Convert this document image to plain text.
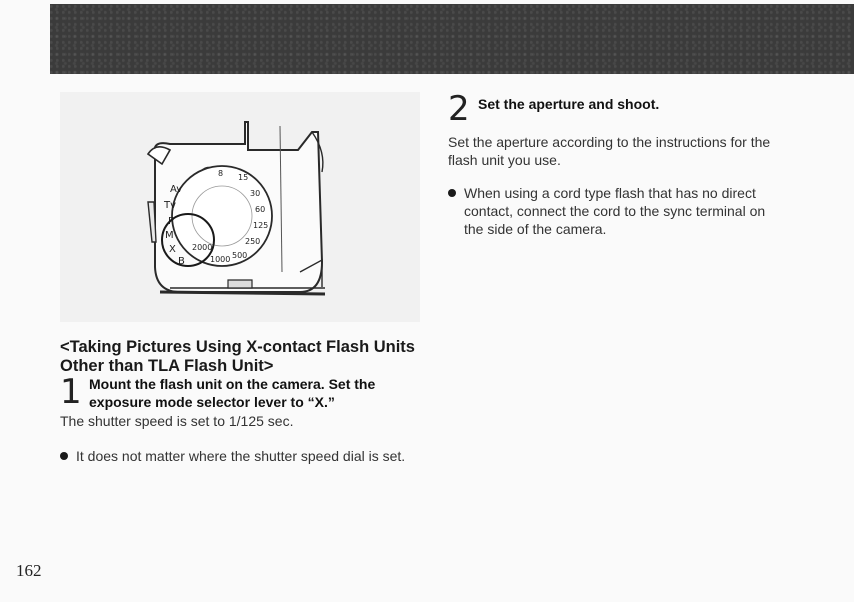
8 15
30
60
125
250
500
1000
2000
Av
Tv
P
M
X
B
<Taking Pictures Using X-contact Flash Units Other than TLA Flash Unit>
1 Mount the flash unit on the camera. Set the exposure mode selector lever to “X.”
The shutter speed is set to 1/125 sec.
It does not matter where the shutter speed dial is set.
2 Set the aperture and shoot.
Set the aperture according to the instructions for the flash unit you use.
When using a cord type flash that has no direct contact, connect the cord to the sync terminal on the side of the camera.
162
